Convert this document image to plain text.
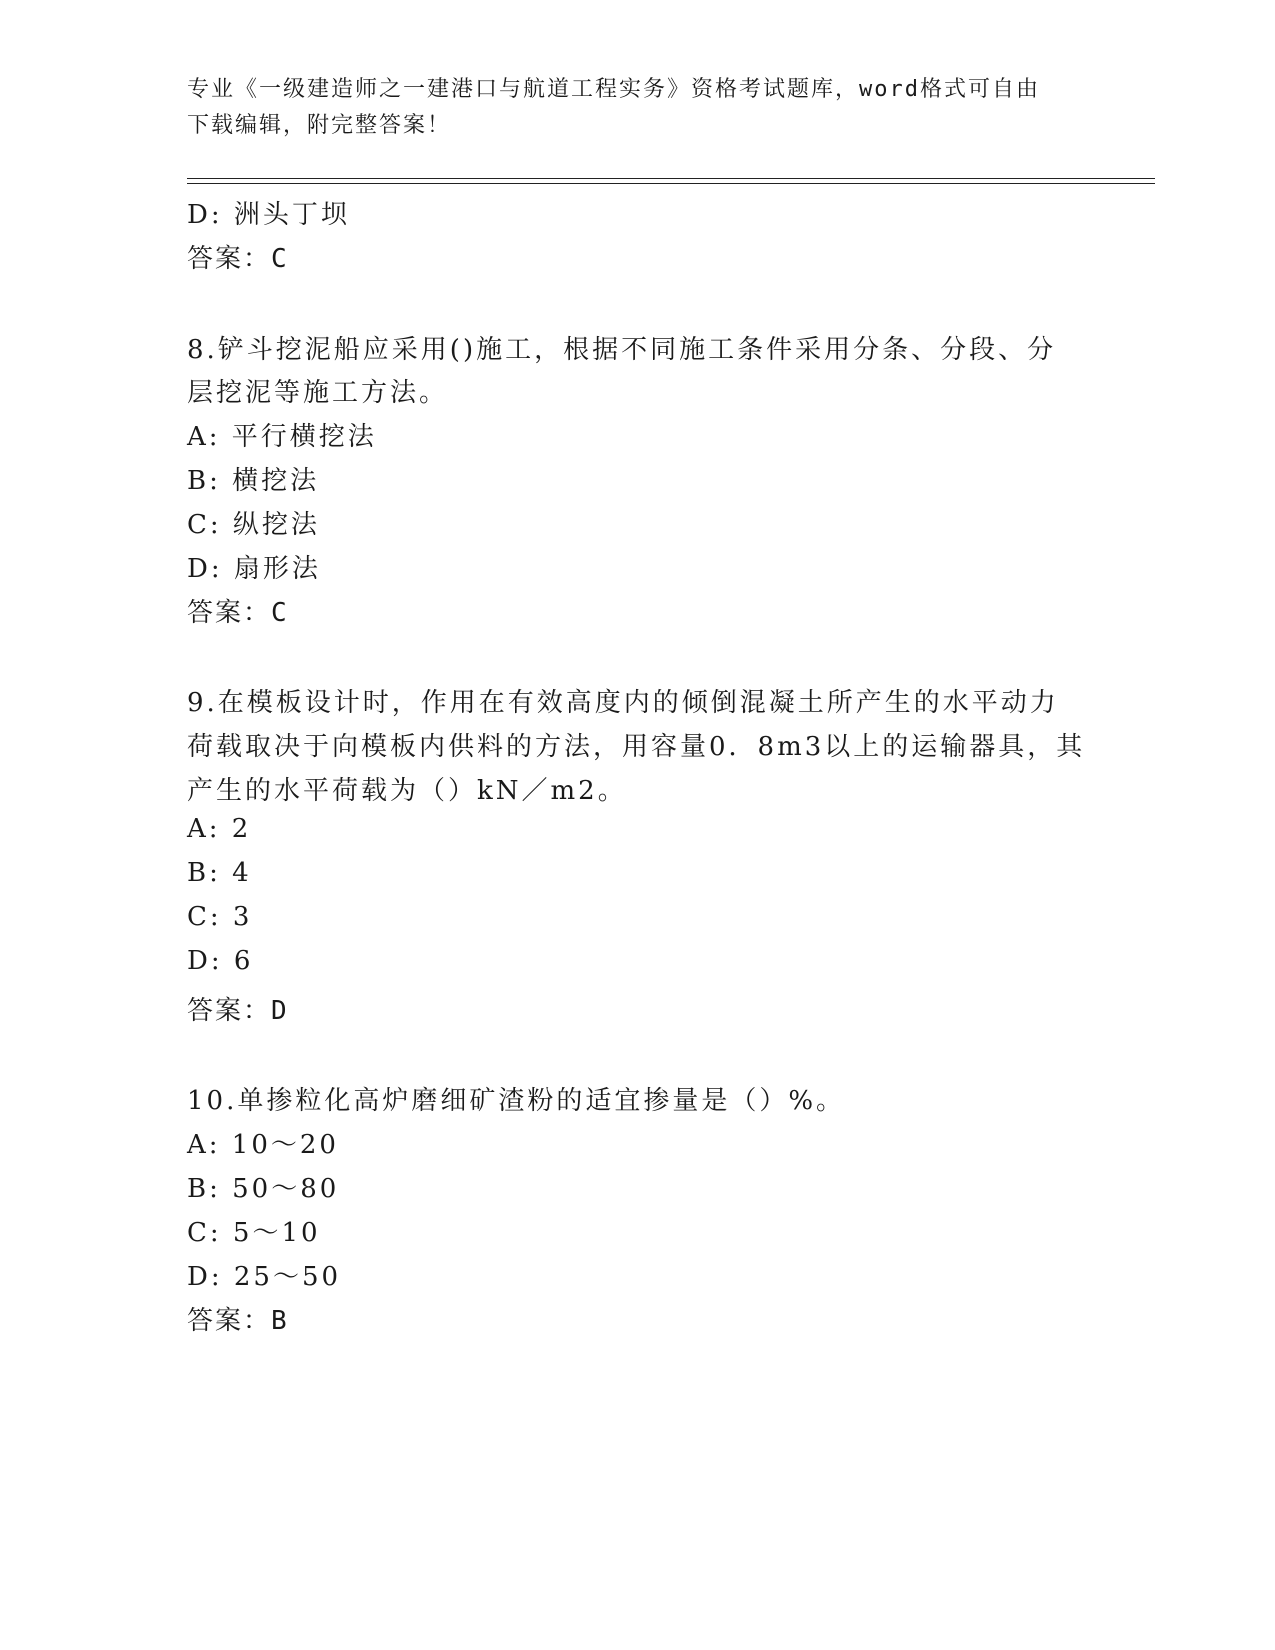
专业《一级建造师之一建港口与航道工程实务》资格考试题库，word格式可自由
下载编辑，附完整答案！
D: 洲头丁坝
答案：C
8.铲斗挖泥船应采用()施工，根据不同施工条件采用分条、分段、分
层挖泥等施工方法。
A: 平行横挖法
B: 横挖法
C: 纵挖法
D: 扇形法
答案：C
9.在模板设计时，作用在有效高度内的倾倒混凝土所产生的水平动力
荷载取决于向模板内供料的方法，用容量0．8m3以上的运输器具，其
产生的水平荷载为（）kN／m2。
A: 2
B: 4
C: 3
D: 6
答案：D
10.单掺粒化高炉磨细矿渣粉的适宜掺量是（）%。
A: 10～20
B: 50～80
C: 5～10
D: 25～50
答案：B
